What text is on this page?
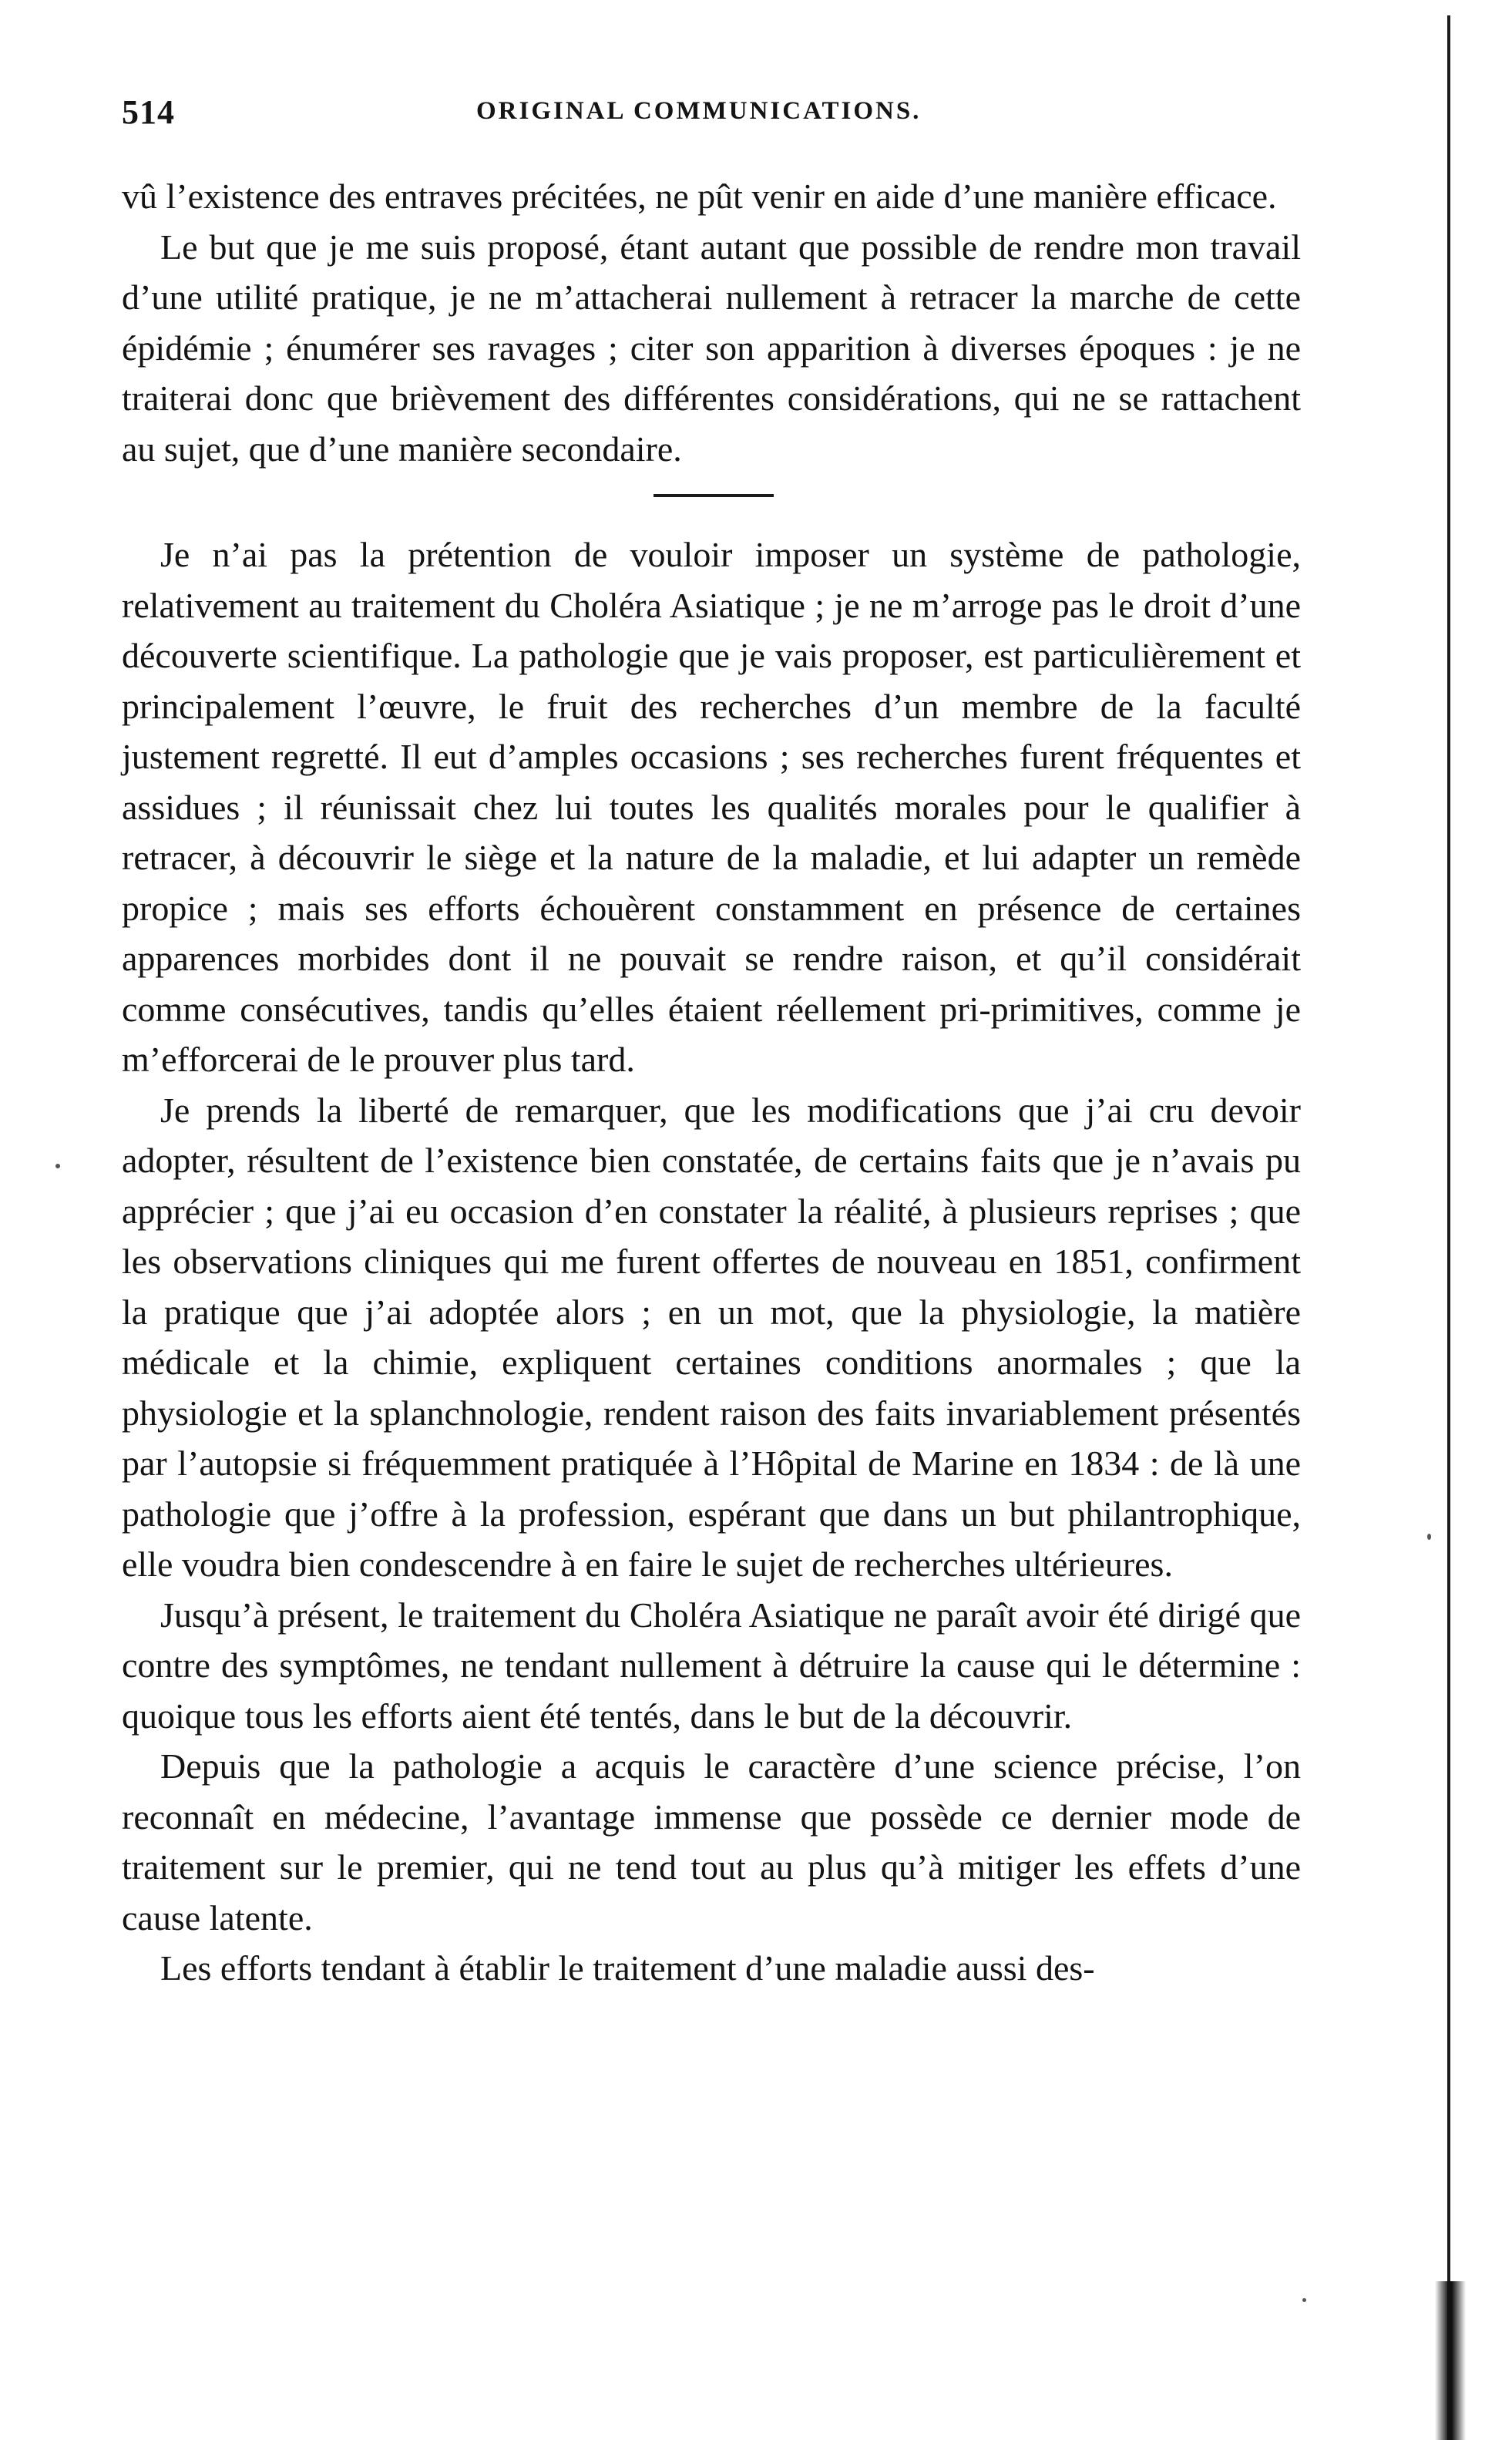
514	ORIGINAL COMMUNICATIONS.

vû l’existence des entraves précitées, ne pût venir en aide d’une manière efficace.

Le but que je me suis proposé, étant autant que possible de rendre mon travail d’une utilité pratique, je ne m’attacherai nullement à retracer la marche de cette épidémie ; énumérer ses ravages ; citer son apparition à diverses époques : je ne traiterai donc que brièvement des différentes considérations, qui ne se rattachent au sujet, que d’une manière secondaire.

Je n’ai pas la prétention de vouloir imposer un système de pathologie, relativement au traitement du Choléra Asiatique ; je ne m’arroge pas le droit d’une découverte scientifique. La pathologie que je vais proposer, est particulièrement et principalement l’œuvre, le fruit des recherches d’un membre de la faculté justement regretté. Il eut d’amples occasions ; ses recherches furent fréquentes et assidues ; il réunissait chez lui toutes les qualités morales pour le qualifier à retracer, à découvrir le siège et la nature de la maladie, et lui adapter un remède propice ; mais ses efforts échouèrent constamment en présence de certaines apparences morbides dont il ne pouvait se rendre raison, et qu’il considérait comme consécutives, tandis qu’elles étaient réellement pri-primitives, comme je m’efforcerai de le prouver plus tard.

Je prends la liberté de remarquer, que les modifications que j’ai cru devoir adopter, résultent de l’existence bien constatée, de certains faits que je n’avais pu apprécier ; que j’ai eu occasion d’en constater la réalité, à plusieurs reprises ; que les observations cliniques qui me furent offertes de nouveau en 1851, confirment la pratique que j’ai adoptée alors ; en un mot, que la physiologie, la matière médicale et la chimie, expliquent certaines conditions anormales ; que la physiologie et la splanchnologie, rendent raison des faits invariablement présentés par l’autopsie si fréquemment pratiquée à l’Hôpital de Marine en 1834 : de là une pathologie que j’offre à la profession, espérant que dans un but philantrophique, elle voudra bien condescendre à en faire le sujet de recherches ultérieures.

Jusqu’à présent, le traitement du Choléra Asiatique ne paraît avoir été dirigé que contre des symptômes, ne tendant nullement à détruire la cause qui le détermine : quoique tous les efforts aient été tentés, dans le but de la découvrir.

Depuis que la pathologie a acquis le caractère d’une science précise, l’on reconnaît en médecine, l’avantage immense que possède ce dernier mode de traitement sur le premier, qui ne tend tout au plus qu’à mitiger les effets d’une cause latente.

Les efforts tendant à établir le traitement d’une maladie aussi des-
